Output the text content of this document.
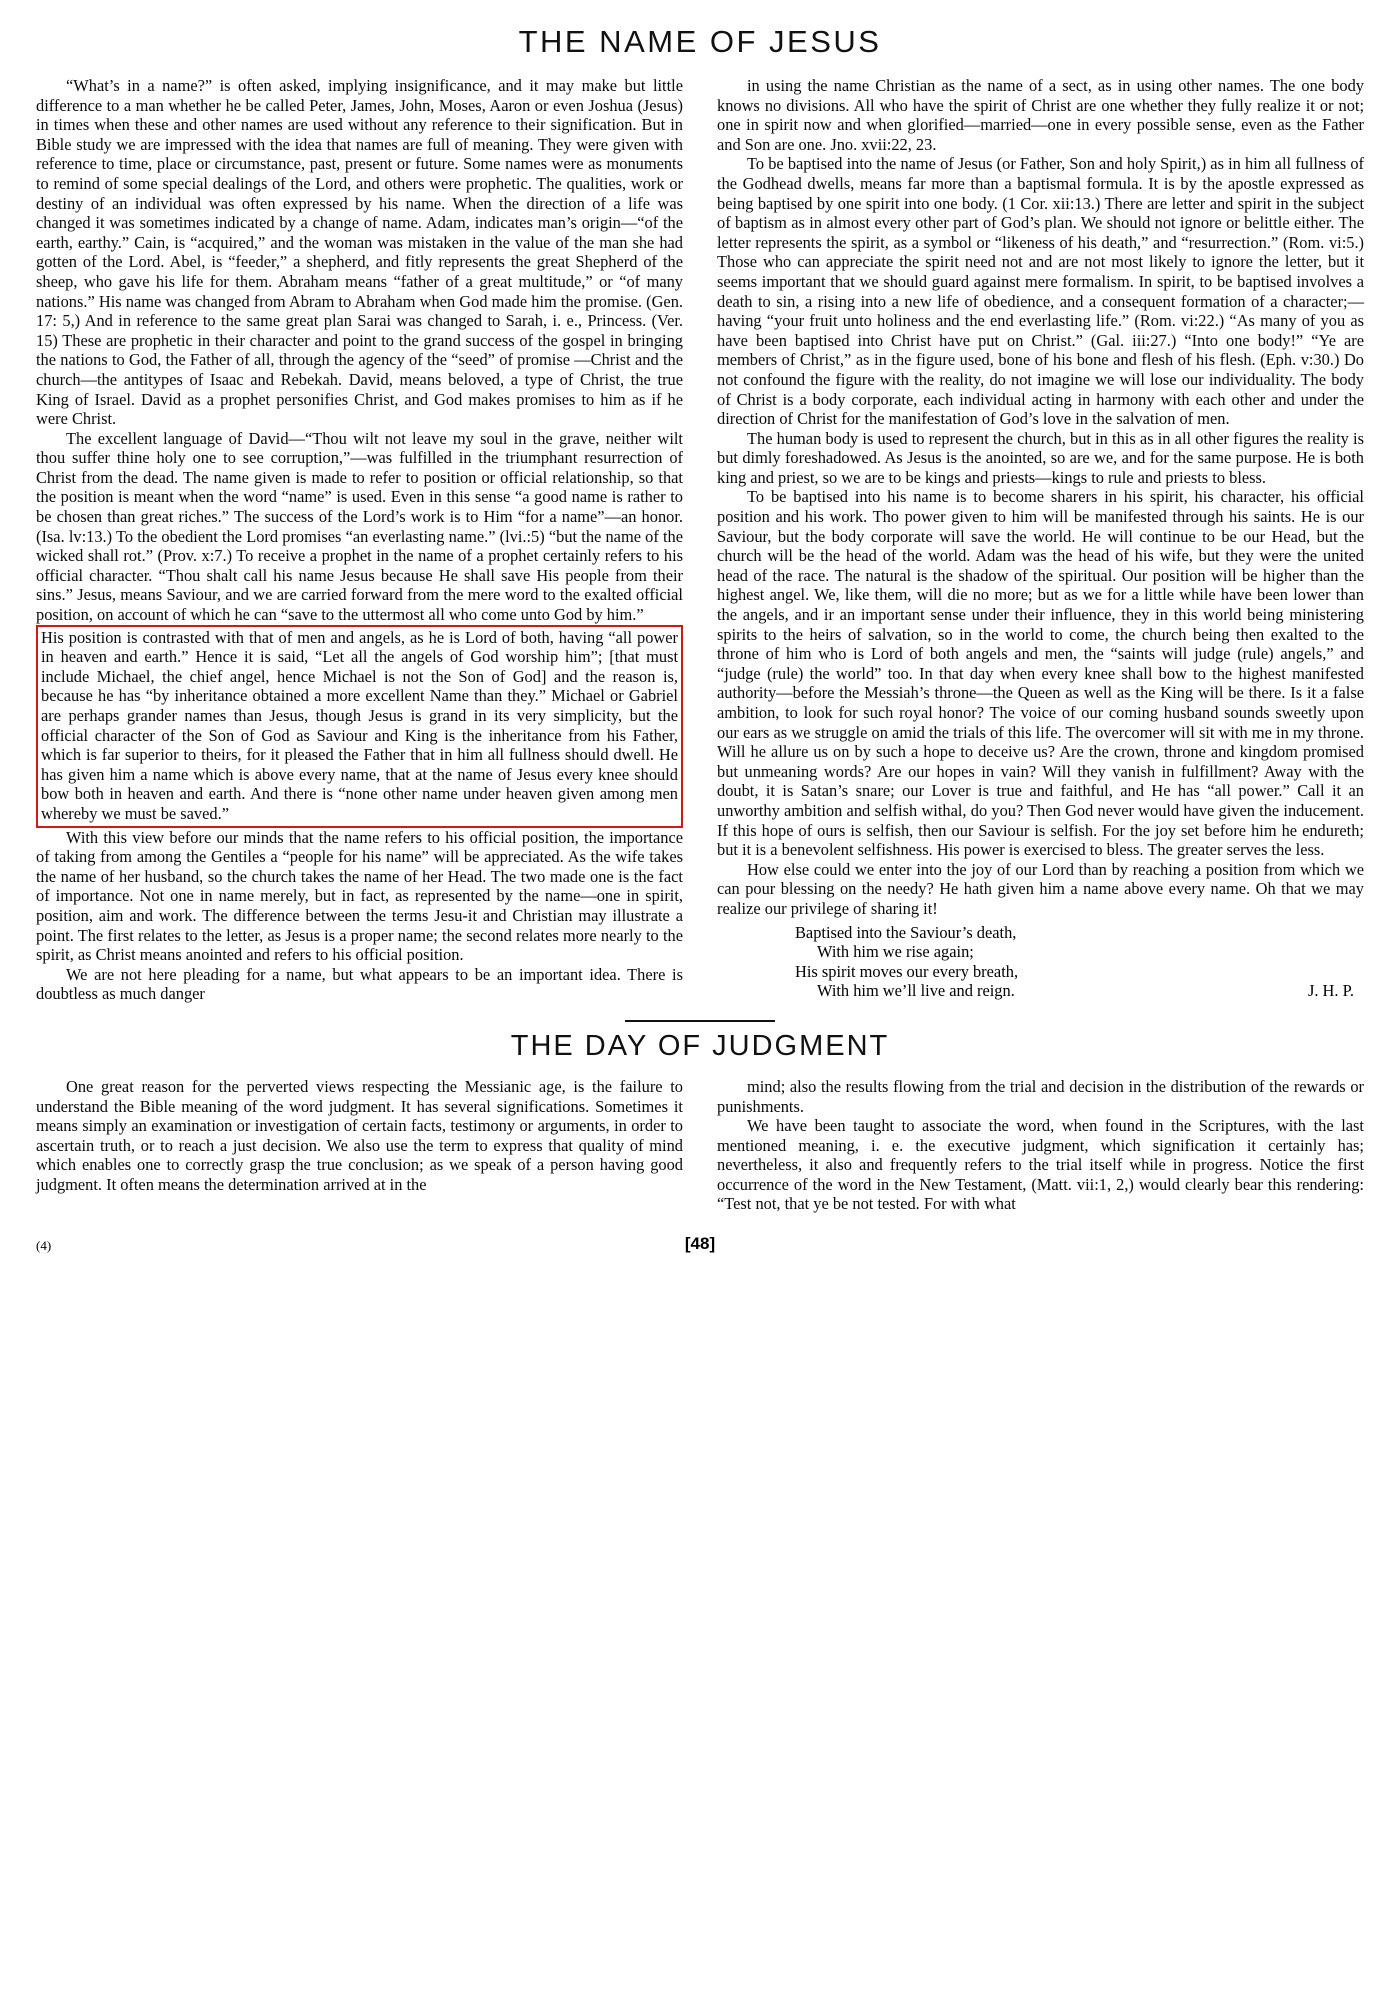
THE NAME OF JESUS

“What’s in a name?” is often asked, implying insignificance, and it may make but little difference to a man whether he be called Peter, James, John, Moses, Aaron or even Joshua (Jesus) in times when these and other names are used without any reference to their signification. But in Bible study we are impressed with the idea that names are full of meaning. They were given with reference to time, place or circumstance, past, present or future. Some names were as monuments to remind of some special dealings of the Lord, and others were prophetic. The qualities, work or destiny of an individual was often expressed by his name. When the direction of a life was changed it was sometimes indicated by a change of name. Adam, indicates man’s origin—“of the earth, earthy.” Cain, is “acquired,” and the woman was mistaken in the value of the man she had gotten of the Lord. Abel, is “feeder,” a shepherd, and fitly represents the great Shepherd of the sheep, who gave his life for them. Abraham means “father of a great multitude,” or “of many nations.” His name was changed from Abram to Abraham when God made him the promise. (Gen. 17: 5,) And in reference to the same great plan Sarai was changed to Sarah, i. e., Princess. (Ver. 15) These are prophetic in their character and point to the grand success of the gospel in bringing the nations to God, the Father of all, through the agency of the “seed” of promise —Christ and the church—the antitypes of Isaac and Rebekah. David, means beloved, a type of Christ, the true King of Israel. David as a prophet personifies Christ, and God makes promises to him as if he were Christ.

The excellent language of David—“Thou wilt not leave my soul in the grave, neither wilt thou suffer thine holy one to see corruption,”—was fulfilled in the triumphant resurrection of Christ from the dead. The name given is made to refer to position or official relationship, so that the position is meant when the word “name” is used. Even in this sense “a good name is rather to be chosen than great riches.” The success of the Lord’s work is to Him “for a name”—an honor. (Isa. lv:13.) To the obedient the Lord promises “an everlasting name.” (lvi.:5) “but the name of the wicked shall rot.” (Prov. x:7.) To receive a prophet in the name of a prophet certainly refers to his official character. “Thou shalt call his name Jesus because He shall save His people from their sins.” Jesus, means Saviour, and we are carried forward from the mere word to the exalted official position, on account of which he can “save to the uttermost all who come unto God by him.”

His position is contrasted with that of men and angels, as he is Lord of both, having “all power in heaven and earth.” Hence it is said, “Let all the angels of God worship him”; [that must include Michael, the chief angel, hence Michael is not the Son of God] and the reason is, because he has “by inheritance obtained a more excellent Name than they.” Michael or Gabriel are perhaps grander names than Jesus, though Jesus is grand in its very simplicity, but the official character of the Son of God as Saviour and King is the inheritance from his Father, which is far superior to theirs, for it pleased the Father that in him all fullness should dwell. He has given him a name which is above every name, that at the name of Jesus every knee should bow both in heaven and earth. And there is “none other name under heaven given among men whereby we must be saved.”

With this view before our minds that the name refers to his official position, the importance of taking from among the Gentiles a “people for his name” will be appreciated. As the wife takes the name of her husband, so the church takes the name of her Head. The two made one is the fact of importance. Not one in name merely, but in fact, as represented by the name—one in spirit, position, aim and work. The difference between the terms Jesu-it and Christian may illustrate a point. The first relates to the letter, as Jesus is a proper name; the second relates more nearly to the spirit, as Christ means anointed and refers to his official position.

We are not here pleading for a name, but what appears to be an important idea. There is doubtless as much danger

in using the name Christian as the name of a sect, as in using other names. The one body knows no divisions. All who have the spirit of Christ are one whether they fully realize it or not; one in spirit now and when glorified—married—one in every possible sense, even as the Father and Son are one. Jno. xvii:22, 23.

To be baptised into the name of Jesus (or Father, Son and holy Spirit,) as in him all fullness of the Godhead dwells, means far more than a baptismal formula. It is by the apostle expressed as being baptised by one spirit into one body. (1 Cor. xii:13.) There are letter and spirit in the subject of baptism as in almost every other part of God’s plan. We should not ignore or belittle either. The letter represents the spirit, as a symbol or “likeness of his death,” and “resurrection.” (Rom. vi:5.) Those who can appreciate the spirit need not and are not most likely to ignore the letter, but it seems important that we should guard against mere formalism. In spirit, to be baptised involves a death to sin, a rising into a new life of obedience, and a consequent formation of a character;—having “your fruit unto holiness and the end everlasting life.” (Rom. vi:22.) “As many of you as have been baptised into Christ have put on Christ.” (Gal. iii:27.) “Into one body!” “Ye are members of Christ,” as in the figure used, bone of his bone and flesh of his flesh. (Eph. v:30.) Do not confound the figure with the reality, do not imagine we will lose our individuality. The body of Christ is a body corporate, each individual acting in harmony with each other and under the direction of Christ for the manifestation of God’s love in the salvation of men.

The human body is used to represent the church, but in this as in all other figures the reality is but dimly foreshadowed. As Jesus is the anointed, so are we, and for the same purpose. He is both king and priest, so we are to be kings and priests—kings to rule and priests to bless.

To be baptised into his name is to become sharers in his spirit, his character, his official position and his work. Tho power given to him will be manifested through his saints. He is our Saviour, but the body corporate will save the world. He will continue to be our Head, but the church will be the head of the world. Adam was the head of his wife, but they were the united head of the race. The natural is the shadow of the spiritual. Our position will be higher than the highest angel. We, like them, will die no more; but as we for a little while have been lower than the angels, and ir an important sense under their influence, they in this world being ministering spirits to the heirs of salvation, so in the world to come, the church being then exalted to the throne of him who is Lord of both angels and men, the “saints will judge (rule) angels,” and “judge (rule) the world” too. In that day when every knee shall bow to the highest manifested authority—before the Messiah’s throne—the Queen as well as the King will be there. Is it a false ambition, to look for such royal honor? The voice of our coming husband sounds sweetly upon our ears as we struggle on amid the trials of this life. The overcomer will sit with me in my throne. Will he allure us on by such a hope to deceive us? Are the crown, throne and kingdom promised but unmeaning words? Are our hopes in vain? Will they vanish in fulfillment? Away with the doubt, it is Satan’s snare; our Lover is true and faithful, and He has “all power.” Call it an unworthy ambition and selfish withal, do you? Then God never would have given the inducement. If this hope of ours is selfish, then our Saviour is selfish. For the joy set before him he endureth; but it is a benevolent selfishness. His power is exercised to bless. The greater serves the less.

How else could we enter into the joy of our Lord than by reaching a position from which we can pour blessing on the needy? He hath given him a name above every name. Oh that we may realize our privilege of sharing it!

Baptised into the Saviour’s death,
With him we rise again;
His spirit moves our every breath,
With him we’ll live and reign.	J. H. P.
THE DAY OF JUDGMENT

One great reason for the perverted views respecting the Messianic age, is the failure to understand the Bible meaning of the word judgment. It has several significations. Sometimes it means simply an examination or investigation of certain facts, testimony or arguments, in order to ascertain truth, or to reach a just decision. We also use the term to express that quality of mind which enables one to correctly grasp the true conclusion; as we speak of a person having good judgment. It often means the determination arrived at in the

mind; also the results flowing from the trial and decision in the distribution of the rewards or punishments.

We have been taught to associate the word, when found in the Scriptures, with the last mentioned meaning, i. e. the executive judgment, which signification it certainly has; nevertheless, it also and frequently refers to the trial itself while in progress. Notice the first occurrence of the word in the New Testament, (Matt. vii:1, 2,) would clearly bear this rendering: “Test not, that ye be not tested. For with what

(4)	[48]
